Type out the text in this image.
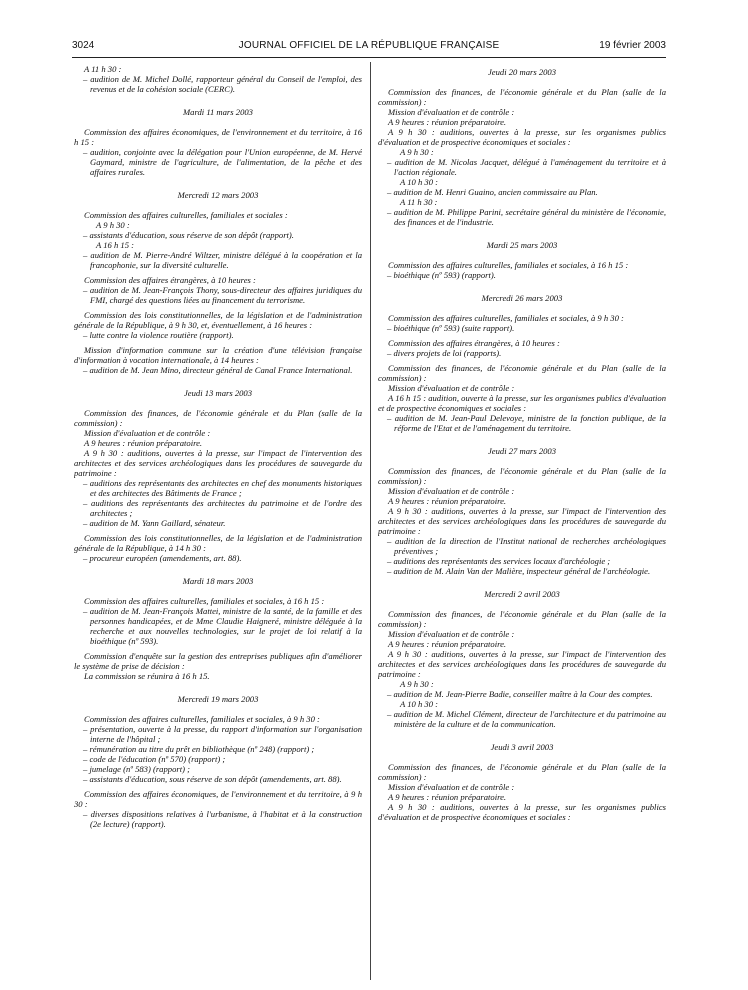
3024	JOURNAL OFFICIEL DE LA RÉPUBLIQUE FRANÇAISE	19 février 2003

A 11 h 30 :

– audition de M. Michel Dollé, rapporteur général du Conseil de l'emploi, des revenus et de la cohésion sociale (CERC).

Mardi 11 mars 2003

Commission des affaires économiques, de l'environnement et du territoire, à 16 h 15 :

– audition, conjointe avec la délégation pour l'Union européenne, de M. Hervé Gaymard, ministre de l'agriculture, de l'alimentation, de la pêche et des affaires rurales.

Mercredi 12 mars 2003

Commission des affaires culturelles, familiales et sociales :

A 9 h 30 :

– assistants d'éducation, sous réserve de son dépôt (rapport).

A 16 h 15 :

– audition de M. Pierre-André Wiltzer, ministre délégué à la coopération et la francophonie, sur la diversité culturelle.

Commission des affaires étrangères, à 10 heures :

– audition de M. Jean-François Thony, sous-directeur des affaires juridiques du FMI, chargé des questions liées au financement du terrorisme.

Commission des lois constitutionnelles, de la législation et de l'administration générale de la République, à 9 h 30, et, éventuellement, à 16 heures :

– lutte contre la violence routière (rapport).

Mission d'information commune sur la création d'une télévision française d'information à vocation internationale, à 14 heures :

– audition de M. Jean Mino, directeur général de Canal France International.

Jeudi 13 mars 2003

Commission des finances, de l'économie générale et du Plan (salle de la commission) :

Mission d'évaluation et de contrôle :

A 9 heures : réunion préparatoire.

A 9 h 30 : auditions, ouvertes à la presse, sur l'impact de l'intervention des architectes et des services archéologiques dans les procédures de sauvegarde du patrimoine :

– auditions des représentants des architectes en chef des monuments historiques et des architectes des Bâtiments de France ;

– auditions des représentants des architectes du patrimoine et de l'ordre des architectes ;

– audition de M. Yann Gaillard, sénateur.

Commission des lois constitutionnelles, de la législation et de l'administration générale de la République, à 14 h 30 :

– procureur européen (amendements, art. 88).

Mardi 18 mars 2003

Commission des affaires culturelles, familiales et sociales, à 16 h 15 :

– audition de M. Jean-François Mattei, ministre de la santé, de la famille et des personnes handicapées, et de Mme Claudie Haigneré, ministre déléguée à la recherche et aux nouvelles technologies, sur le projet de loi relatif à la bioéthique (nº 593).

Commission d'enquête sur la gestion des entreprises publiques afin d'améliorer le système de prise de décision :

La commission se réunira à 16 h 15.

Mercredi 19 mars 2003

Commission des affaires culturelles, familiales et sociales, à 9 h 30 :

– présentation, ouverte à la presse, du rapport d'information sur l'organisation interne de l'hôpital ;

– rémunération au titre du prêt en bibliothèque (nº 248) (rapport) ;

– code de l'éducation (nº 570) (rapport) ;

– jumelage (nº 583) (rapport) ;

– assistants d'éducation, sous réserve de son dépôt (amendements, art. 88).

Commission des affaires économiques, de l'environnement et du territoire, à 9 h 30 :

– diverses dispositions relatives à l'urbanisme, à l'habitat et à la construction (2e lecture) (rapport).

Jeudi 20 mars 2003

Commission des finances, de l'économie générale et du Plan (salle de la commission) :

Mission d'évaluation et de contrôle :

A 9 heures : réunion préparatoire.

A 9 h 30 : auditions, ouvertes à la presse, sur les organismes publics d'évaluation et de prospective économiques et sociales :

A 9 h 30 :

– audition de M. Nicolas Jacquet, délégué à l'aménagement du territoire et à l'action régionale.

A 10 h 30 :

– audition de M. Henri Guaino, ancien commissaire au Plan.

A 11 h 30 :

– audition de M. Philippe Parini, secrétaire général du ministère de l'économie, des finances et de l'industrie.

Mardi 25 mars 2003

Commission des affaires culturelles, familiales et sociales, à 16 h 15 :

– bioéthique (nº 593) (rapport).

Mercredi 26 mars 2003

Commission des affaires culturelles, familiales et sociales, à 9 h 30 :

– bioéthique (nº 593) (suite rapport).

Commission des affaires étrangères, à 10 heures :

– divers projets de loi (rapports).

Commission des finances, de l'économie générale et du Plan (salle de la commission) :

Mission d'évaluation et de contrôle :

A 16 h 15 : audition, ouverte à la presse, sur les organismes publics d'évaluation et de prospective économiques et sociales :

– audition de M. Jean-Paul Delevoye, ministre de la fonction publique, de la réforme de l'Etat et de l'aménagement du territoire.

Jeudi 27 mars 2003

Commission des finances, de l'économie générale et du Plan (salle de la commission) :

Mission d'évaluation et de contrôle :

A 9 heures : réunion préparatoire.

A 9 h 30 : auditions, ouvertes à la presse, sur l'impact de l'intervention des architectes et des services archéologiques dans les procédures de sauvegarde du patrimoine :

– audition de la direction de l'Institut national de recherches archéologiques préventives ;

– auditions des représentants des services locaux d'archéologie ;

– audition de M. Alain Van der Malière, inspecteur général de l'archéologie.

Mercredi 2 avril 2003

Commission des finances, de l'économie générale et du Plan (salle de la commission) :

Mission d'évaluation et de contrôle :

A 9 heures : réunion préparatoire.

A 9 h 30 : auditions, ouvertes à la presse, sur l'impact de l'intervention des architectes et des services archéologiques dans les procédures de sauvegarde du patrimoine :

A 9 h 30 :

– audition de M. Jean-Pierre Badie, conseiller maître à la Cour des comptes.

A 10 h 30 :

– audition de M. Michel Clément, directeur de l'architecture et du patrimoine au ministère de la culture et de la communication.

Jeudi 3 avril 2003

Commission des finances, de l'économie générale et du Plan (salle de la commission) :

Mission d'évaluation et de contrôle :

A 9 heures : réunion préparatoire.

A 9 h 30 : auditions, ouvertes à la presse, sur les organismes publics d'évaluation et de prospective économiques et sociales :
